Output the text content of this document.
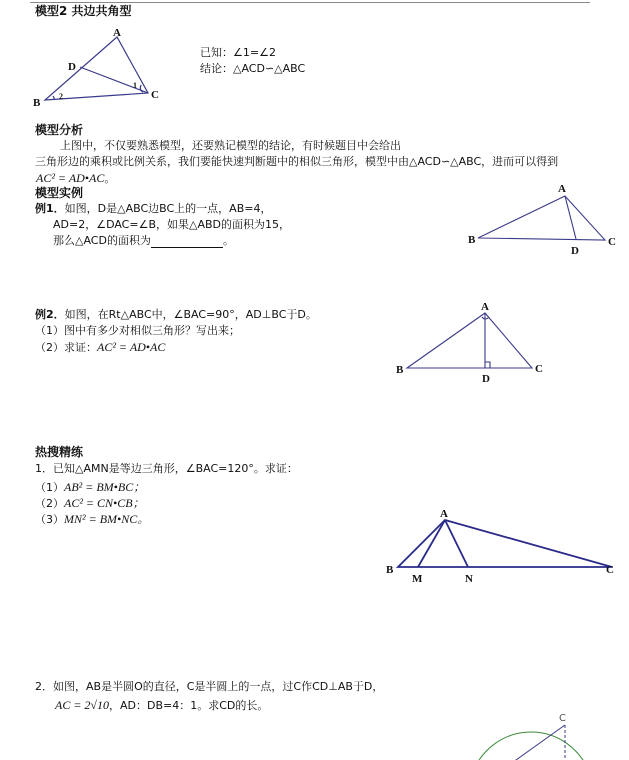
模型2 共边共角型
A
D
B
C
1
2
A
B	C
D
A
B	C
D
A
B
M	N
C
C
已知：∠1=∠2
结论：△ACD∽△ABC
模型分析
上图中，不仅要熟悉模型，还要熟记模型的结论，有时候题目中会给出
三角形边的乘积或比例关系，我们要能快速判断题中的相似三角形，模型中由△ACD∽△ABC，进而可以得到
AC² = AD•AC。
模型实例
例1．如图，D是△ABC边BC上的一点，AB=4，
AD=2，∠DAC=∠B，如果△ABD的面积为15，
那么△ACD的面积为	。
例2．如图，在Rt△ABC中，∠BAC=90°，AD⊥BC于D。
（1）图中有多少对相似三角形？写出来；
（2）求证：AC² = AD•AC
热搜精练
1．已知△AMN是等边三角形，∠BAC=120°。求证：
（1）AB² = BM•BC；
（2）AC² = CN•CB；
（3）MN² = BM•NC。
2．如图，AB是半圆O的直径，C是半圆上的一点，过C作CD⊥AB于D，
AC = 2√10，AD：DB=4：1。求CD的长。
